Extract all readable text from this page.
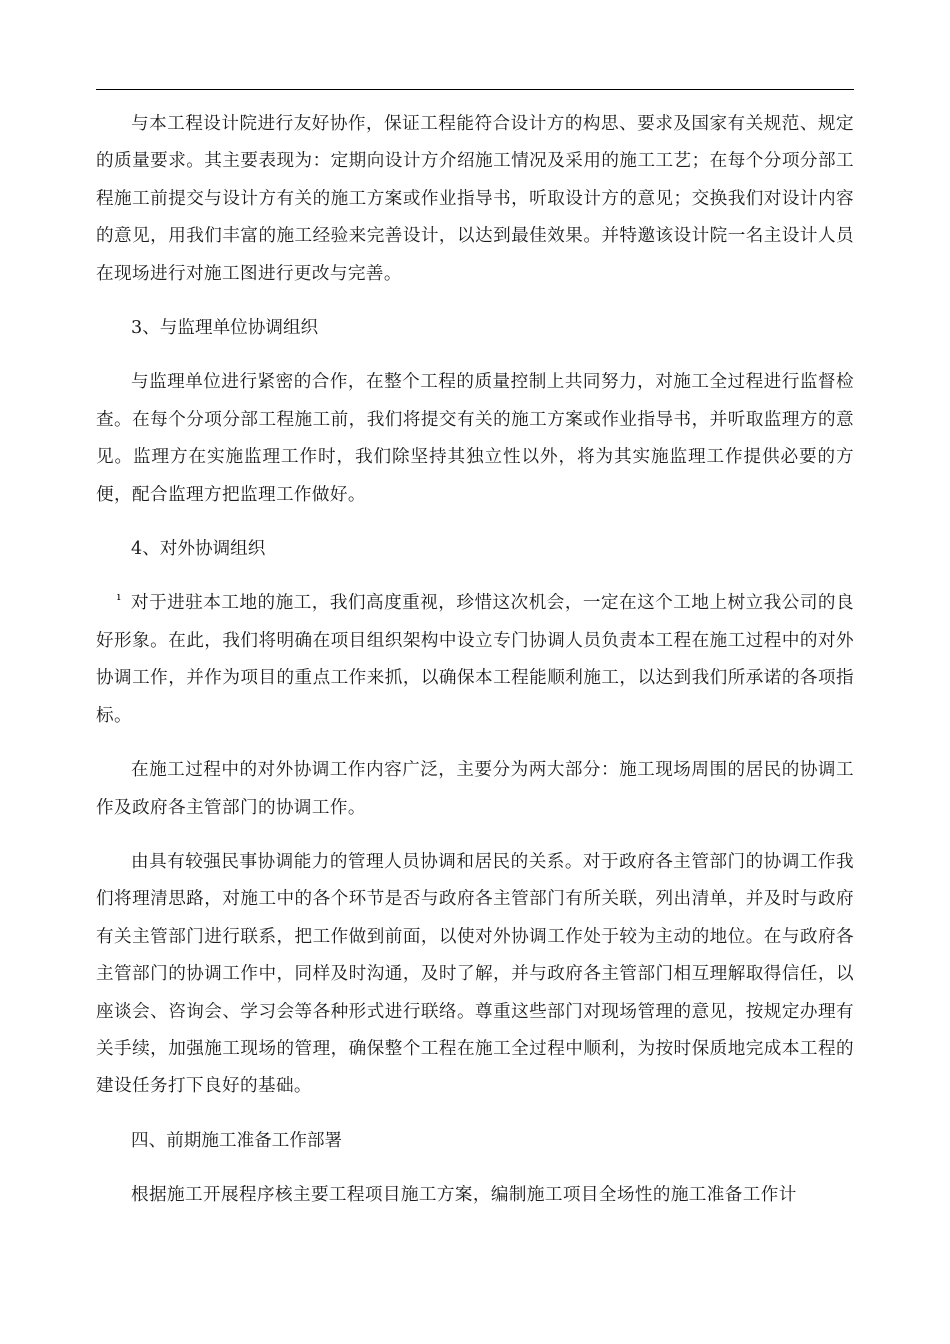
ı

与本工程设计院进行友好协作，保证工程能符合设计方的构思、要求及国家有关规范、规定的质量要求。其主要表现为：定期向设计方介绍施工情况及采用的施工工艺；在每个分项分部工程施工前提交与设计方有关的施工方案或作业指导书，听取设计方的意见；交换我们对设计内容的意见，用我们丰富的施工经验来完善设计，以达到最佳效果。并特邀该设计院一名主设计人员在现场进行对施工图进行更改与完善。

3、与监理单位协调组织

与监理单位进行紧密的合作，在整个工程的质量控制上共同努力，对施工全过程进行监督检查。在每个分项分部工程施工前，我们将提交有关的施工方案或作业指导书，并听取监理方的意见。监理方在实施监理工作时，我们除坚持其独立性以外，将为其实施监理工作提供必要的方便，配合监理方把监理工作做好。

4、对外协调组织

对于进驻本工地的施工，我们高度重视，珍惜这次机会，一定在这个工地上树立我公司的良好形象。在此，我们将明确在项目组织架构中设立专门协调人员负责本工程在施工过程中的对外协调工作，并作为项目的重点工作来抓，以确保本工程能顺利施工，以达到我们所承诺的各项指标。

在施工过程中的对外协调工作内容广泛，主要分为两大部分：施工现场周围的居民的协调工作及政府各主管部门的协调工作。

由具有较强民事协调能力的管理人员协调和居民的关系。对于政府各主管部门的协调工作我们将理清思路，对施工中的各个环节是否与政府各主管部门有所关联，列出清单，并及时与政府有关主管部门进行联系，把工作做到前面，以使对外协调工作处于较为主动的地位。在与政府各主管部门的协调工作中，同样及时沟通，及时了解，并与政府各主管部门相互理解取得信任，以座谈会、咨询会、学习会等各种形式进行联络。尊重这些部门对现场管理的意见，按规定办理有关手续，加强施工现场的管理，确保整个工程在施工全过程中顺利，为按时保质地完成本工程的建设任务打下良好的基础。

四、前期施工准备工作部署

根据施工开展程序核主要工程项目施工方案，编制施工项目全场性的施工准备工作计
